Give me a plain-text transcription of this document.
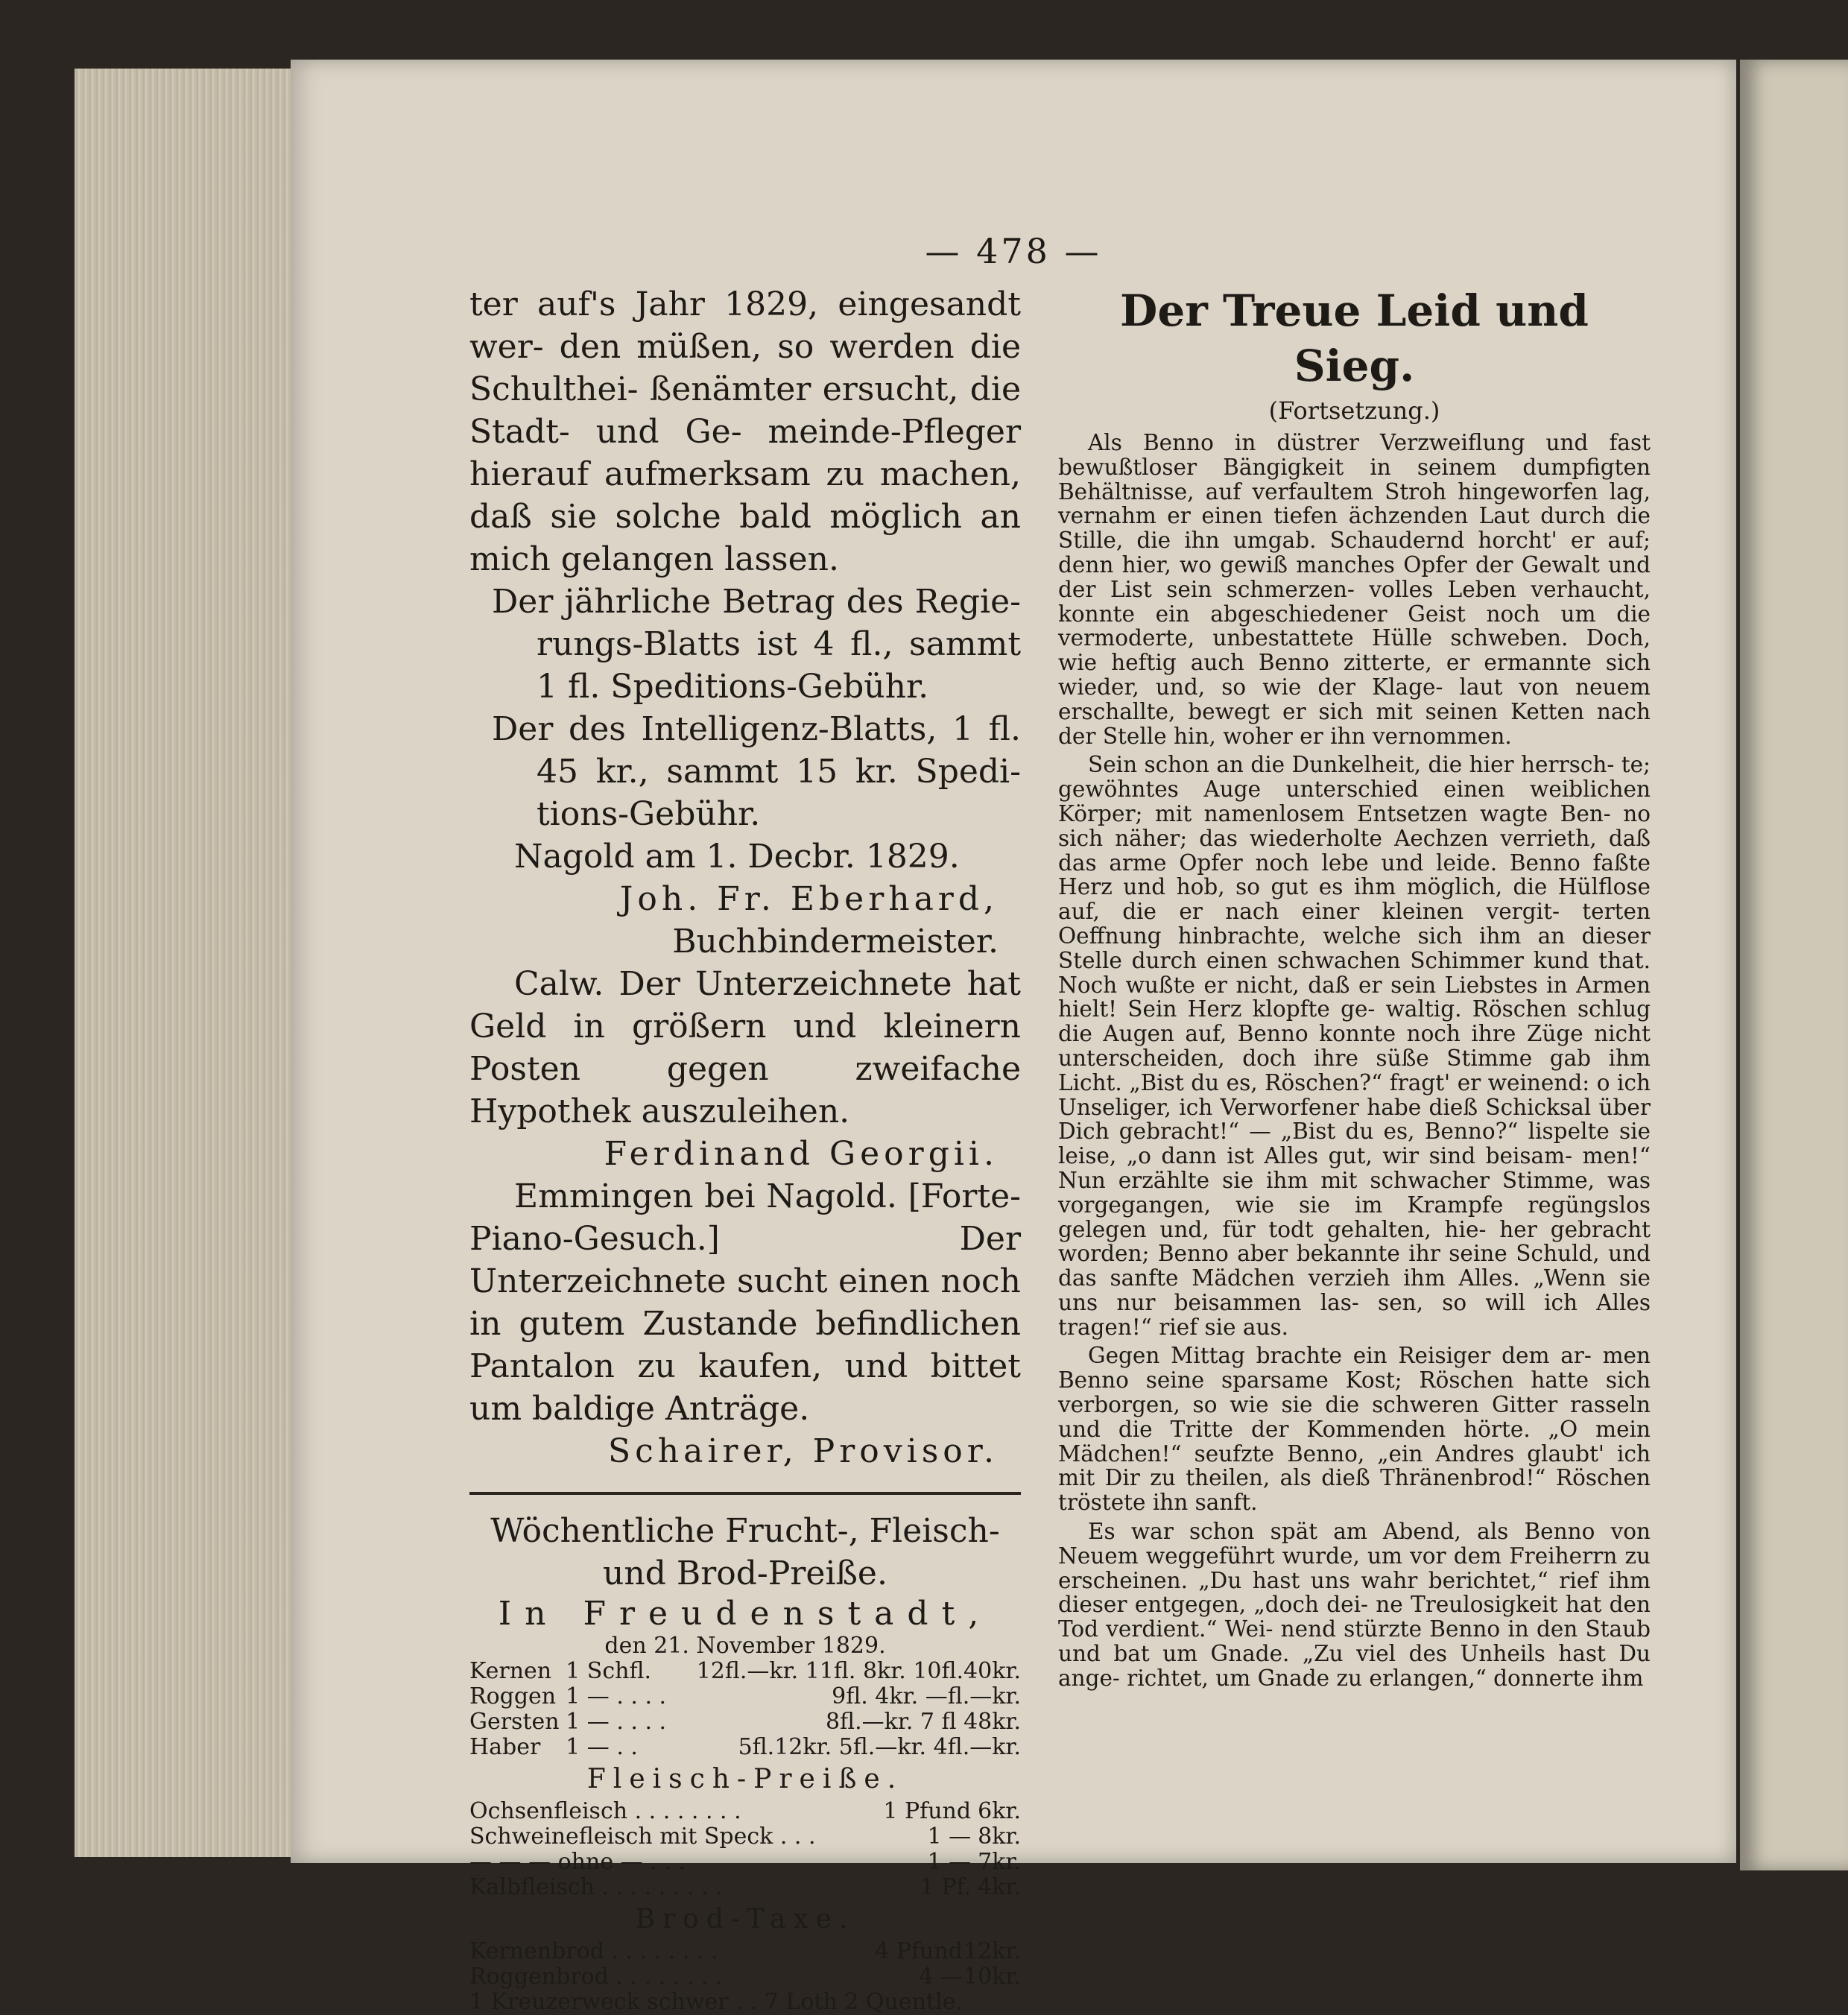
— 478 —

ter auf's Jahr 1829, eingesandt wer- den müßen, so werden die Schulthei- ßenämter ersucht, die Stadt- und Ge- meinde-Pfleger hierauf aufmerksam zu machen, daß sie solche bald möglich an mich gelangen lassen.

Der jährliche Betrag des Regie- rungs-Blatts ist 4 fl., sammt 1 fl. Speditions-Gebühr.

Der des Intelligenz-Blatts, 1 fl. 45 kr., sammt 15 kr. Spedi- tions-Gebühr.

Nagold am 1. Decbr. 1829.

Joh. Fr. Eberhard,

Buchbindermeister.

Calw. Der Unterzeichnete hat Geld in größern und kleinern Posten gegen zweifache Hypothek auszuleihen.

Ferdinand Georgii.

Emmingen bei Nagold. [Forte- Piano-Gesuch.] Der Unterzeichnete sucht einen noch in gutem Zustande befindlichen Pantalon zu kaufen, und bittet um baldige Anträge.

Schairer, Provisor.

Wöchentliche Frucht-, Fleisch- und Brod-Preiße.

In Freudenstadt,
den 21. November 1829.
Kernen	1 Schfl.	12fl.—kr. 11fl. 8kr. 10fl.40kr.
Roggen	1 — . . . .	9fl. 4kr. —fl.—kr.
Gersten	1 — . . . .	8fl.—kr. 7 fl 48kr.
Haber	1 — . .	5fl.12kr. 5fl.—kr. 4fl.—kr.
Fleisch-Preiße.
Ochsenfleisch . . . . . . . .	1 Pfund	6kr.
Schweinefleisch mit Speck . . .	1 —	8kr.
— — — ohne — . . .	1 —	7kr.
Kalbfleisch . . . . . . . . .	1 Pf.	4kr.
Brod-Taxe.
Kernenbrod . . . . . . . .	4 Pfund	12kr.
Roggenbrod . . . . . . . .	4 —	10kr.
1 Kreuzerweck schwer . .	7 Loth 2 Quentle.	
Der Treue Leid und Sieg.
(Fortsetzung.)

Als Benno in düstrer Verzweiflung und fast bewußtloser Bängigkeit in seinem dumpfigten Behältnisse, auf verfaultem Stroh hingeworfen lag, vernahm er einen tiefen ächzenden Laut durch die Stille, die ihn umgab. Schaudernd horcht' er auf; denn hier, wo gewiß manches Opfer der Gewalt und der List sein schmerzen- volles Leben verhaucht, konnte ein abgeschiedener Geist noch um die vermoderte, unbestattete Hülle schweben. Doch, wie heftig auch Benno zitterte, er ermannte sich wieder, und, so wie der Klage- laut von neuem erschallte, bewegt er sich mit seinen Ketten nach der Stelle hin, woher er ihn vernommen.

Sein schon an die Dunkelheit, die hier herrsch- te; gewöhntes Auge unterschied einen weiblichen Körper; mit namenlosem Entsetzen wagte Ben- no sich näher; das wiederholte Aechzen verrieth, daß das arme Opfer noch lebe und leide. Benno faßte Herz und hob, so gut es ihm möglich, die Hülflose auf, die er nach einer kleinen vergit- terten Oeffnung hinbrachte, welche sich ihm an dieser Stelle durch einen schwachen Schimmer kund that. Noch wußte er nicht, daß er sein Liebstes in Armen hielt! Sein Herz klopfte ge- waltig. Röschen schlug die Augen auf, Benno konnte noch ihre Züge nicht unterscheiden, doch ihre süße Stimme gab ihm Licht. „Bist du es, Röschen?“ fragt' er weinend: o ich Unseliger, ich Verworfener habe dieß Schicksal über Dich gebracht!“ — „Bist du es, Benno?“ lispelte sie leise, „o dann ist Alles gut, wir sind beisam- men!“ Nun erzählte sie ihm mit schwacher Stimme, was vorgegangen, wie sie im Krampfe regüngslos gelegen und, für todt gehalten, hie- her gebracht worden; Benno aber bekannte ihr seine Schuld, und das sanfte Mädchen verzieh ihm Alles. „Wenn sie uns nur beisammen las- sen, so will ich Alles tragen!“ rief sie aus.

Gegen Mittag brachte ein Reisiger dem ar- men Benno seine sparsame Kost; Röschen hatte sich verborgen, so wie sie die schweren Gitter rasseln und die Tritte der Kommenden hörte. „O mein Mädchen!“ seufzte Benno, „ein Andres glaubt' ich mit Dir zu theilen, als dieß Thränenbrod!“ Röschen tröstete ihn sanft.

Es war schon spät am Abend, als Benno von Neuem weggeführt wurde, um vor dem Freiherrn zu erscheinen. „Du hast uns wahr berichtet,“ rief ihm dieser entgegen, „doch dei- ne Treulosigkeit hat den Tod verdient.“ Wei- nend stürzte Benno in den Staub und bat um Gnade. „Zu viel des Unheils hast Du ange- richtet, um Gnade zu erlangen,“ donnerte ihm
